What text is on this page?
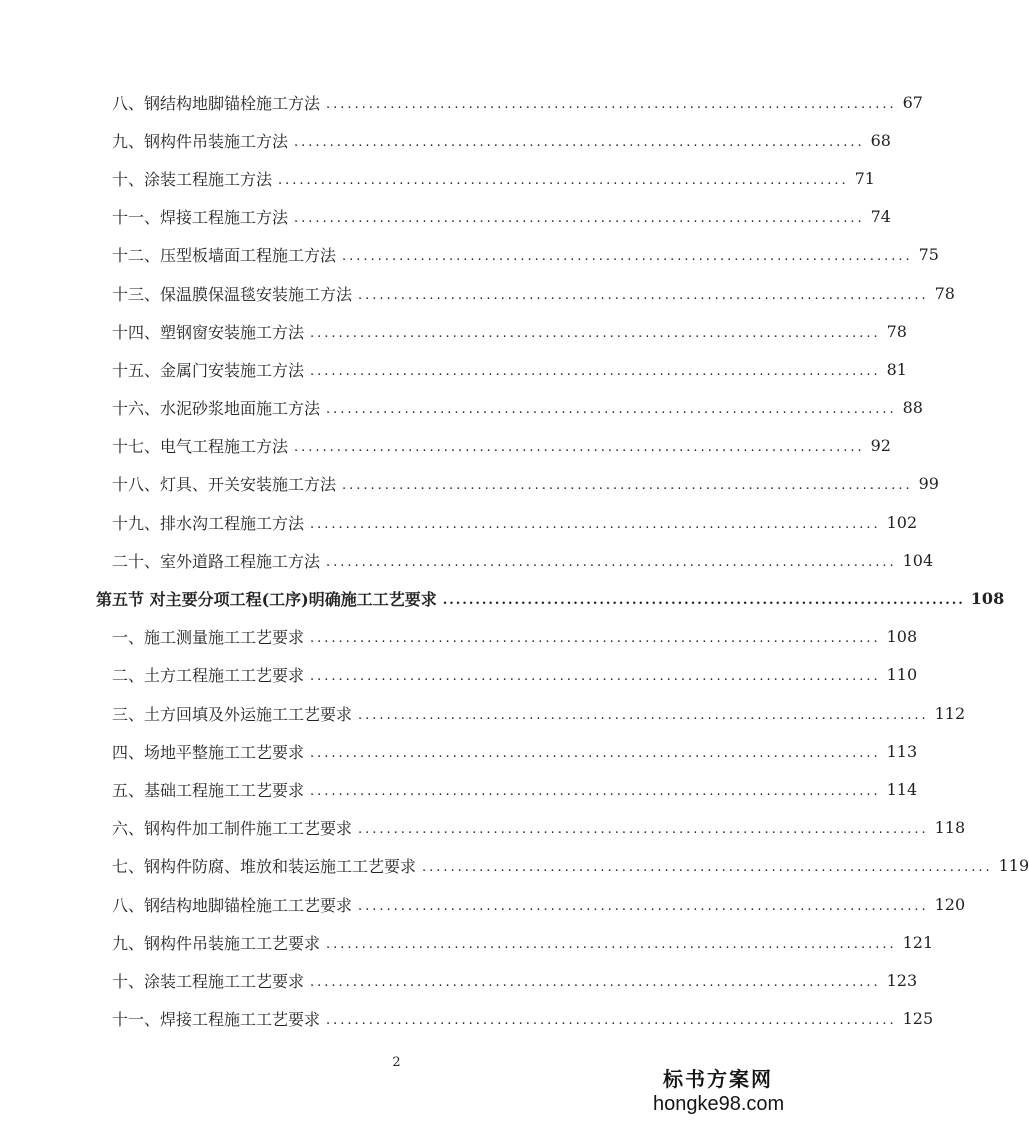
八、钢结构地脚锚栓施工方法 ................................................................................ 67
九、钢构件吊装施工方法 ................................................................................ 68
十、涂装工程施工方法 ................................................................................ 71
十一、焊接工程施工方法 ................................................................................ 74
十二、压型板墙面工程施工方法 ................................................................................ 75
十三、保温膜保温毯安装施工方法 ................................................................................ 78
十四、塑钢窗安装施工方法 ................................................................................ 78
十五、金属门安装施工方法 ................................................................................ 81
十六、水泥砂浆地面施工方法 ................................................................................ 88
十七、电气工程施工方法 ................................................................................ 92
十八、灯具、开关安装施工方法 ................................................................................ 99
十九、排水沟工程施工方法 ................................................................................ 102
二十、室外道路工程施工方法 ................................................................................ 104
第五节 对主要分项工程(工序)明确施工工艺要求 ................................................................................ 108
一、施工测量施工工艺要求 ................................................................................ 108
二、土方工程施工工艺要求 ................................................................................ 110
三、土方回填及外运施工工艺要求 ................................................................................ 112
四、场地平整施工工艺要求 ................................................................................ 113
五、基础工程施工工艺要求 ................................................................................ 114
六、钢构件加工制件施工工艺要求 ................................................................................ 118
七、钢构件防腐、堆放和装运施工工艺要求 ................................................................................ 119
八、钢结构地脚锚栓施工工艺要求 ................................................................................ 120
九、钢构件吊装施工工艺要求 ................................................................................ 121
十、涂装工程施工工艺要求 ................................................................................ 123
十一、焊接工程施工工艺要求 ................................................................................ 125
2
标书方案网
hongke98.com
